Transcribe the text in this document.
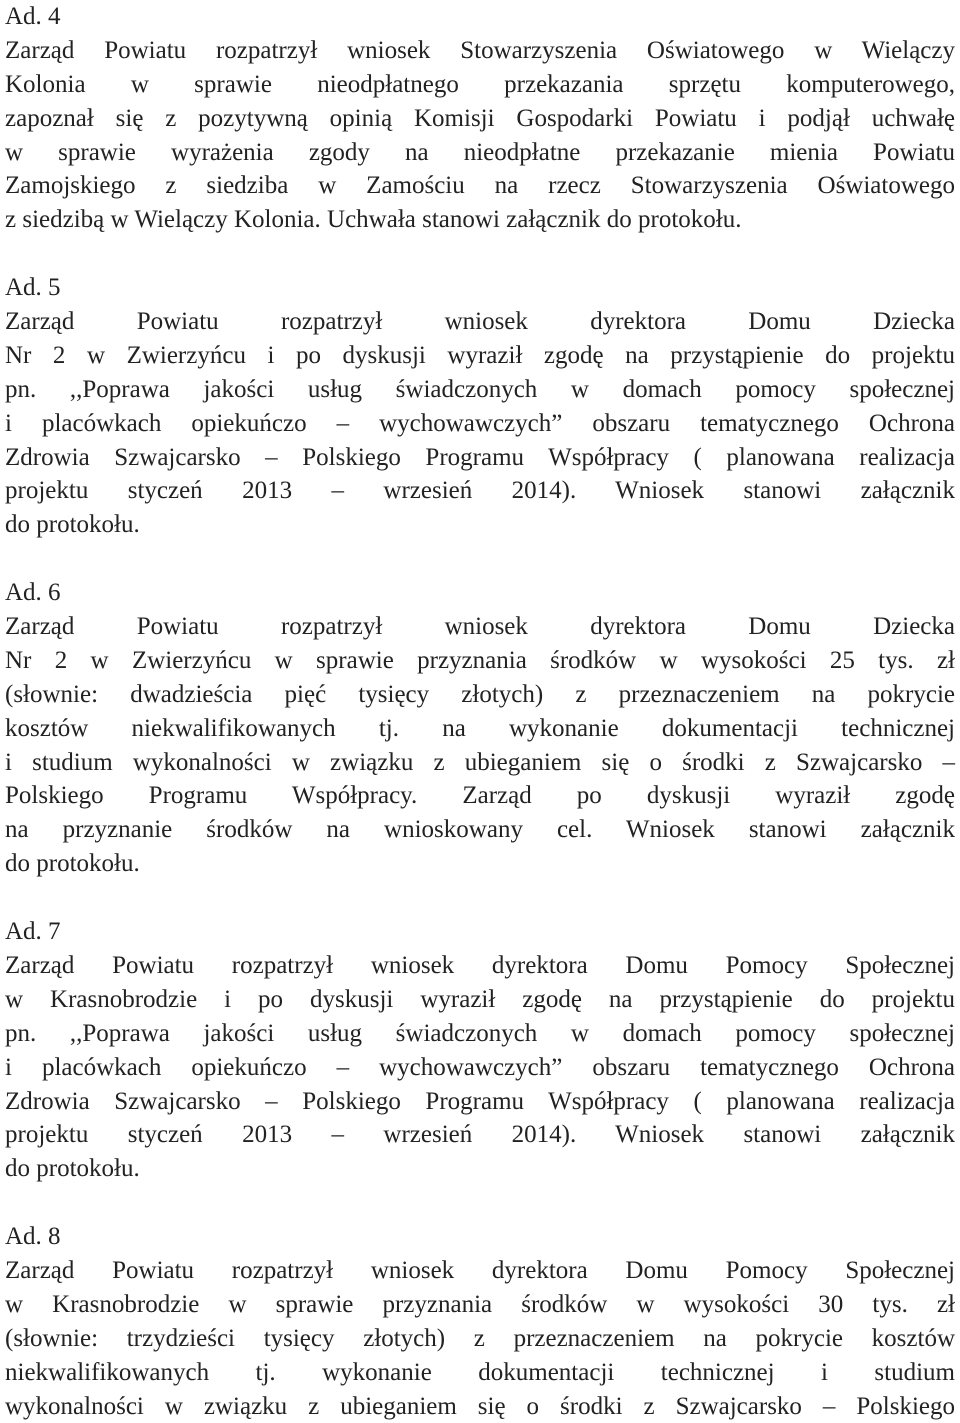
Ad. 4
Zarząd Powiatu rozpatrzył wniosek Stowarzyszenia Oświatowego w Wielączy
Kolonia w sprawie nieodpłatnego przekazania sprzętu komputerowego,
zapoznał się z pozytywną opinią Komisji Gospodarki Powiatu i podjął uchwałę
w sprawie wyrażenia zgody na nieodpłatne przekazanie mienia Powiatu
Zamojskiego z siedziba w Zamościu na rzecz Stowarzyszenia Oświatowego
z siedzibą w Wielączy Kolonia. Uchwała stanowi załącznik do protokołu.
Ad. 5
Zarząd Powiatu rozpatrzył wniosek dyrektora Domu Dziecka
Nr 2 w Zwierzyńcu i po dyskusji wyraził zgodę na przystąpienie do projektu
pn. ,,Poprawa jakości usług świadczonych w domach pomocy społecznej
i placówkach opiekuńczo – wychowawczych” obszaru tematycznego Ochrona
Zdrowia Szwajcarsko – Polskiego Programu Współpracy ( planowana realizacja
projektu styczeń 2013 – wrzesień 2014). Wniosek stanowi załącznik
do protokołu.
Ad. 6
Zarząd Powiatu rozpatrzył wniosek dyrektora Domu Dziecka
Nr 2 w Zwierzyńcu w sprawie przyznania środków w wysokości 25 tys. zł
(słownie: dwadzieścia pięć tysięcy złotych) z przeznaczeniem na pokrycie
kosztów niekwalifikowanych tj. na wykonanie dokumentacji technicznej
i studium wykonalności w związku z ubieganiem się o środki z Szwajcarsko –
Polskiego Programu Współpracy. Zarząd po dyskusji wyraził zgodę
na przyznanie środków na wnioskowany cel. Wniosek stanowi załącznik
do protokołu.
Ad. 7
Zarząd Powiatu rozpatrzył wniosek dyrektora Domu Pomocy Społecznej
w Krasnobrodzie i po dyskusji wyraził zgodę na przystąpienie do projektu
pn. ,,Poprawa jakości usług świadczonych w domach pomocy społecznej
i placówkach opiekuńczo – wychowawczych” obszaru tematycznego Ochrona
Zdrowia Szwajcarsko – Polskiego Programu Współpracy ( planowana realizacja
projektu styczeń 2013 – wrzesień 2014). Wniosek stanowi załącznik
do protokołu.
Ad. 8
Zarząd Powiatu rozpatrzył wniosek dyrektora Domu Pomocy Społecznej
w Krasnobrodzie w sprawie przyznania środków w wysokości 30 tys. zł
(słownie: trzydzieści tysięcy złotych) z przeznaczeniem na pokrycie kosztów
niekwalifikowanych tj. wykonanie dokumentacji technicznej i studium
wykonalności w związku z ubieganiem się o środki z Szwajcarsko – Polskiego
